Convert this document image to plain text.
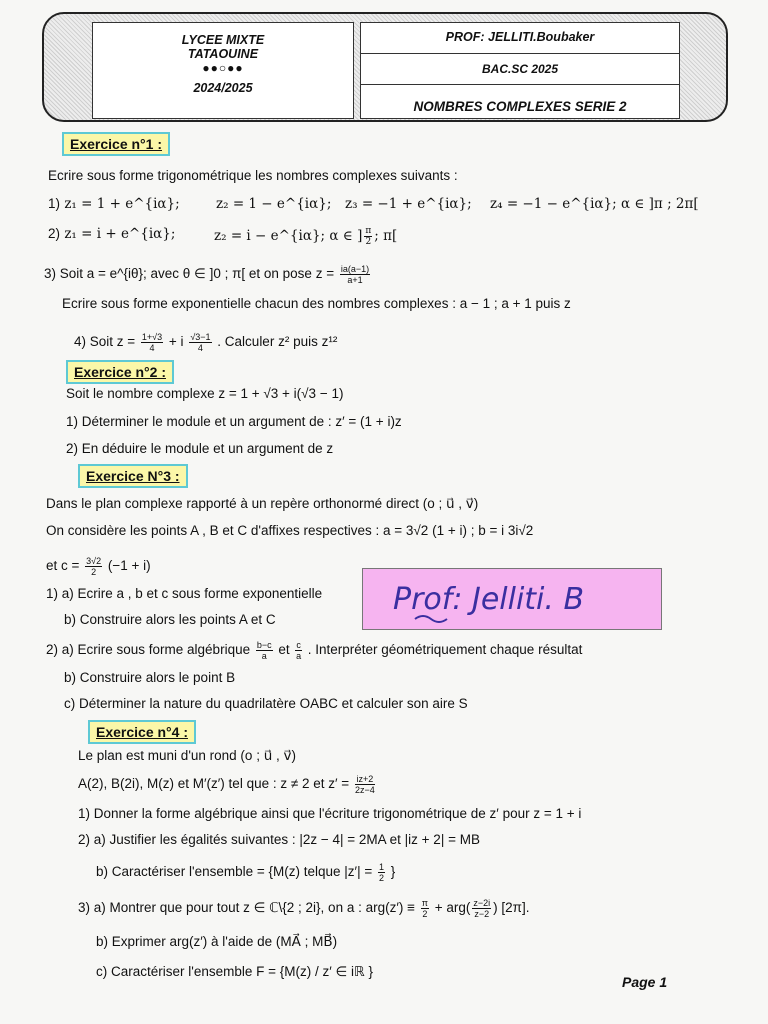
LYCEE MIXTE
TATAOUINE
●●○●●
2024/2025
PROF: JELLITI.Boubaker
BAC.SC 2025
NOMBRES COMPLEXES SERIE 2
Exercice n°1 :
Ecrire sous forme trigonométrique les nombres complexes suivants :
1) z₁ = 1 + e^{iα};	z₂ = 1 − e^{iα}; z₃ = −1 + e^{iα}; z₄ = −1 − e^{iα}; α ∈ ]π ; 2π[
2) z₁ = i + e^{iα};	z₂ = i − e^{iα}; α ∈ ] $\frac{\pi}{2}$ ; π[
3) Soit a = e^{iθ}; avec θ ∈ ]0 ; π[ et on pose $z = \frac{ia(a-1)}{a+1}$
Ecrire sous forme exponentielle chacun des nombres complexes : a − 1 ; a + 1 puis z
4) Soit $z = \frac{1+√3}{4} + i \frac{√3-1}{4}$ . Calculer z² puis z¹²
Exercice n°2 :
Soit le nombre complexe z = 1 + √3 + i(√3 − 1)
1) Déterminer le module et un argument de : z′ = (1 + i)z
2) En déduire le module et un argument de z
Exercice N°3 :
Dans le plan complexe rapporté à un repère orthonormé direct (o ; u⃗ , v⃗)
On considère les points A , B et C d'affixes respectives : a = 3√2 (1 + i) ; b = i 3i√2
et $c = \frac{3√2}{2} (-1 + i)$
1) a) Ecrire a , b et c sous forme exponentielle
b) Construire alors les points A et C
Prof: Jelliti. B
2) a) Ecrire sous forme algébrique $\frac{b-c}{a}$ et $\frac{c}{a}$ . Interpréter géométriquement chaque résultat
b) Construire alors le point B
c) Déterminer la nature du quadrilatère OABC et calculer son aire S
Exercice n°4 :
Le plan est muni d'un rond (o ; u⃗ , v⃗)
A(2), B(2i), M(z) et M′(z′) tel que : z ≠ 2 et $z' = \frac{iz+2}{2z-4}$
1) Donner la forme algébrique ainsi que l'écriture trigonométrique de z′ pour z = 1 + i
2) a) Justifier les égalités suivantes : |2z − 4| = 2MA et |iz + 2| = MB
b) Caractériser l'ensemble = {M(z) telque $|z'| = \frac{1}{2}$ }
3) a) Montrer que pour tout z ∈ ℂ\{2 ; 2i}, on a : $arg(z') \equiv \frac{\pi}{2} + arg( \frac{z-2i}{z-2}$ ) [2π].
b) Exprimer arg(z′) à l'aide de (MA⃗ ; MB⃗)
c) Caractériser l'ensemble F = {M(z) / z′ ∈ iℝ }
Page 1
